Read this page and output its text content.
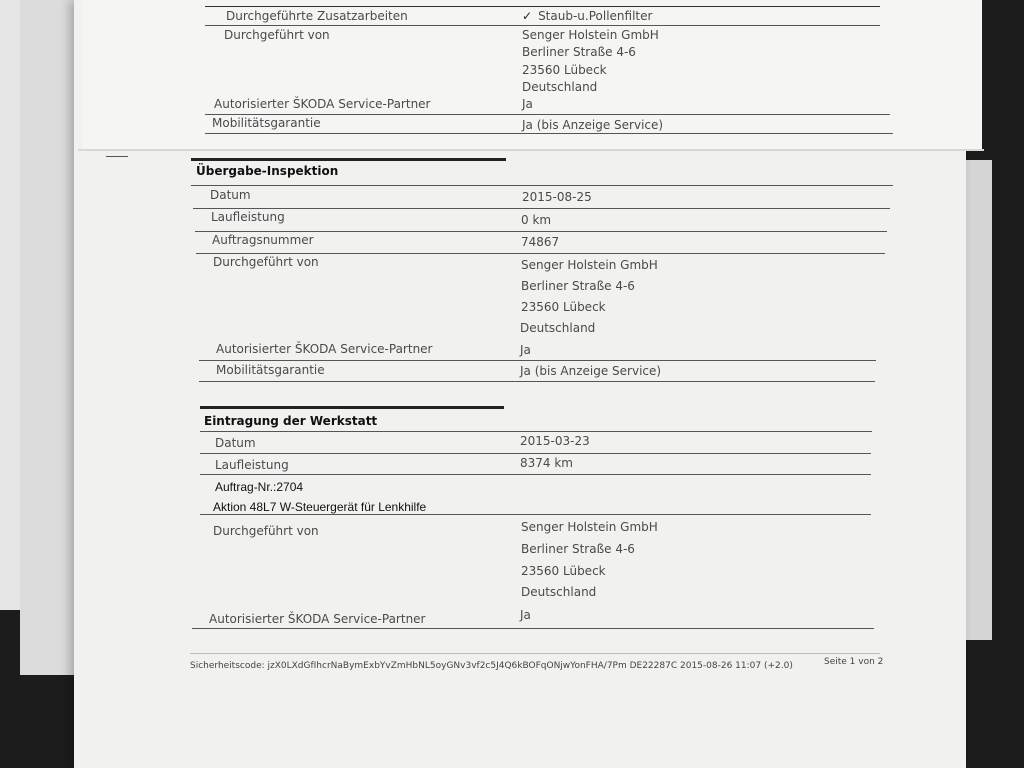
Durchgeführte Zusatzarbeiten	✓ Staub-u.Pollenfilter
Durchgeführt von	Senger Holstein GmbH
Berliner Straße 4-6
23560 Lübeck
Deutschland
Autorisierter ŠKODA Service-Partner	Ja
Mobilitätsgarantie	Ja (bis Anzeige Service)
Übergabe-Inspektion
Datum	2015-08-25
Laufleistung	0 km
Auftragsnummer	74867
Durchgeführt von	Senger Holstein GmbH
Berliner Straße 4-6
23560 Lübeck
Deutschland
Autorisierter ŠKODA Service-Partner	Ja
Mobilitätsgarantie	Ja (bis Anzeige Service)
Eintragung der Werkstatt
Datum	2015-03-23
Laufleistung	8374 km
Auftrag-Nr.:2704
Aktion 48L7 W-Steuergerät für Lenkhilfe
Durchgeführt von	Senger Holstein GmbH
Berliner Straße 4-6
23560 Lübeck
Deutschland
Autorisierter ŠKODA Service-Partner	Ja
Sicherheitscode: jzX0LXdGfIhcrNaBymExbYvZmHbNL5oyGNv3vf2c5J4Q6kBOFqONjwYonFHA/7Pm DE22287C 2015-08-26 11:07 (+2.0)	Seite 1 von 2
